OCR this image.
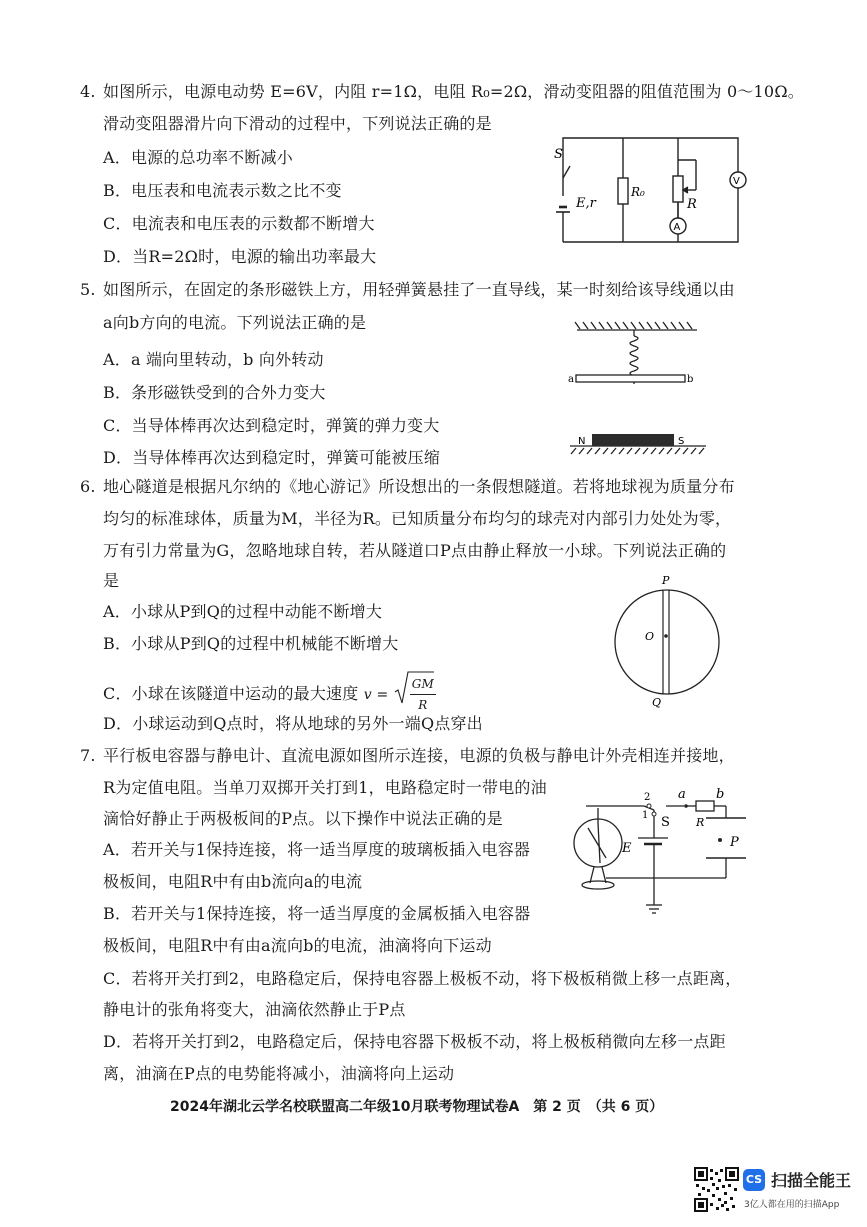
4. 如图所示，电源电动势 E=6V，内阻 r=1Ω，电阻 R₀=2Ω，滑动变阻器的阻值范围为 0～10Ω。
滑动变阻器滑片向下滑动的过程中，下列说法正确的是
A．电源的总功率不断减小
B．电压表和电流表示数之比不变
C．电流表和电压表的示数都不断增大
D．当R=2Ω时，电源的输出功率最大
S
E,r
R₀
R
V
A
5. 如图所示，在固定的条形磁铁上方，用轻弹簧悬挂了一直导线，某一时刻给该导线通以由
a向b方向的电流。下列说法正确的是
A．a 端向里转动，b 向外转动
B．条形磁铁受到的合外力变大
C．当导体棒再次达到稳定时，弹簧的弹力变大
D．当导体棒再次达到稳定时，弹簧可能被压缩
a	b
N	S
6. 地心隧道是根据凡尔纳的《地心游记》所设想出的一条假想隧道。若将地球视为质量分布
均匀的标准球体，质量为M，半径为R。已知质量分布均匀的球壳对内部引力处处为零，
万有引力常量为G，忽略地球自转，若从隧道口P点由静止释放一小球。下列说法正确的
是
A．小球从P到Q的过程中动能不断增大
B．小球从P到Q的过程中机械能不断增大
C．小球在该隧道中运动的最大速度 $v = \frac{GM}{R}$
D．小球运动到Q点时，将从地球的另外一端Q点穿出
P
O
Q
7. 平行板电容器与静电计、直流电源如图所示连接，电源的负极与静电计外壳相连并接地，
R为定值电阻。当单刀双掷开关打到1，电路稳定时一带电的油
滴恰好静止于两极板间的P点。以下操作中说法正确的是
A．若开关与1保持连接，将一适当厚度的玻璃板插入电容器
极板间，电阻R中有由b流向a的电流
B．若开关与1保持连接，将一适当厚度的金属板插入电容器
极板间，电阻R中有由a流向b的电流，油滴将向下运动
C．若将开关打到2，电路稳定后，保持电容器上极板不动，将下极板稍微上移一点距离，
静电计的张角将变大，油滴依然静止于P点
D．若将开关打到2，电路稳定后，保持电容器下极板不动，将上极板稍微向左移一点距
离，油滴在P点的电势能将减小，油滴将向上运动
2
1
a b
S R
E	P
2024年湖北云学名校联盟高二年级10月联考物理试卷A　第 2 页　（共 6 页）
CS 扫描全能王
3亿人都在用的扫描App
